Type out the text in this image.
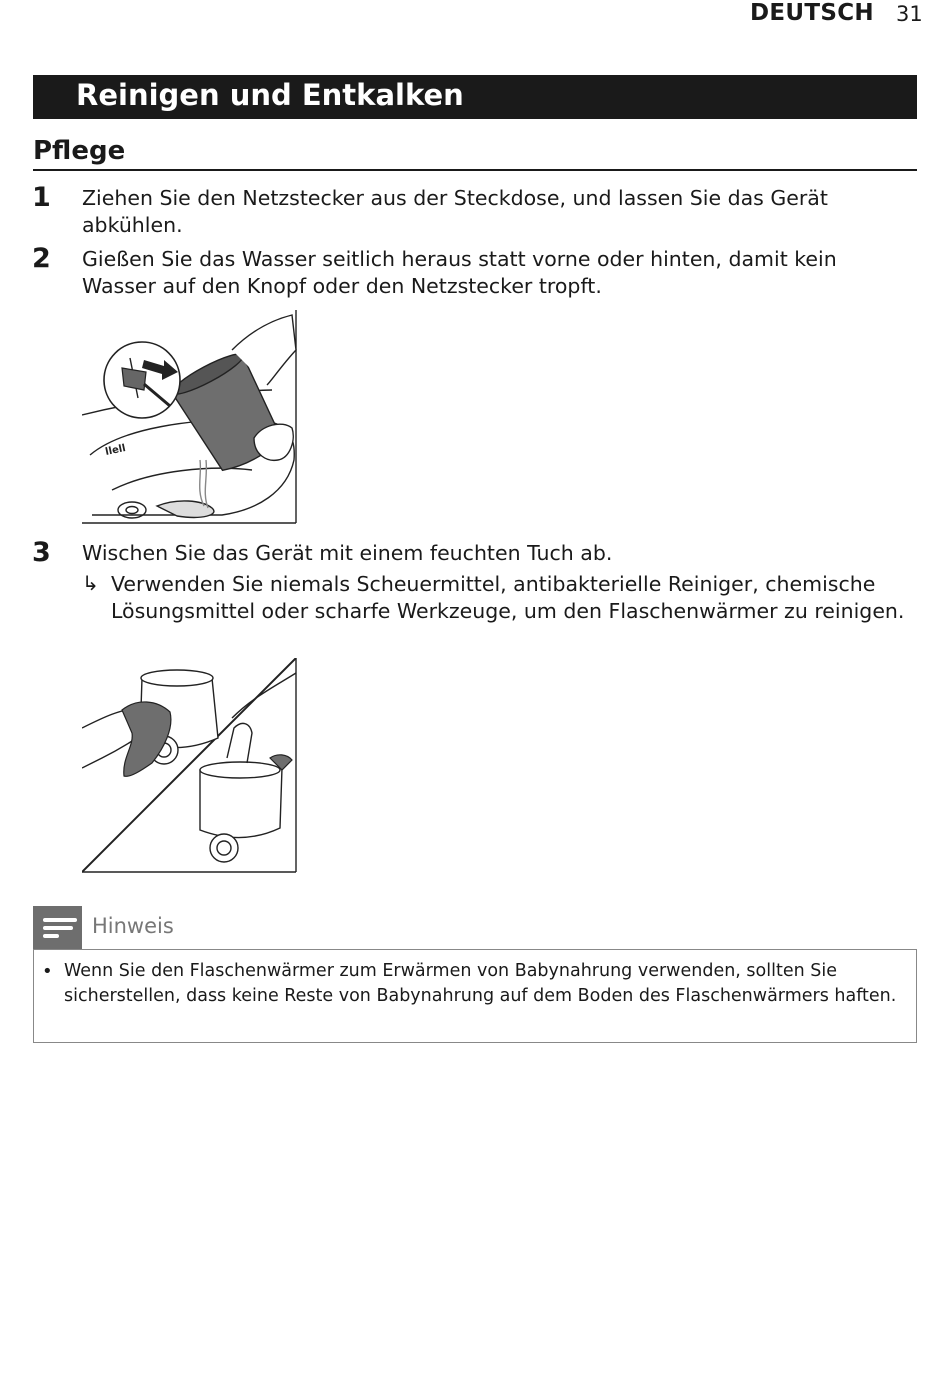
DEUTSCH 31
Reinigen und Entkalken
Pflege
1 Ziehen Sie den Netzstecker aus der Steckdose, und lassen Sie das Gerät abkühlen.
2 Gießen Sie das Wasser seitlich heraus statt vorne oder hinten, damit kein Wasser auf den Knopf oder den Netzstecker tropft.
llell
3 Wischen Sie das Gerät mit einem feuchten Tuch ab.
↳ Verwenden Sie niemals Scheuermittel, antibakterielle Reiniger, chemische Lösungsmittel oder scharfe Werkzeuge, um den Flaschenwärmer zu reinigen.
Hinweis
• Wenn Sie den Flaschenwärmer zum Erwärmen von Babynahrung verwenden, sollten Sie sicherstellen, dass keine Reste von Babynahrung auf dem Boden des Flaschenwärmers haften.
